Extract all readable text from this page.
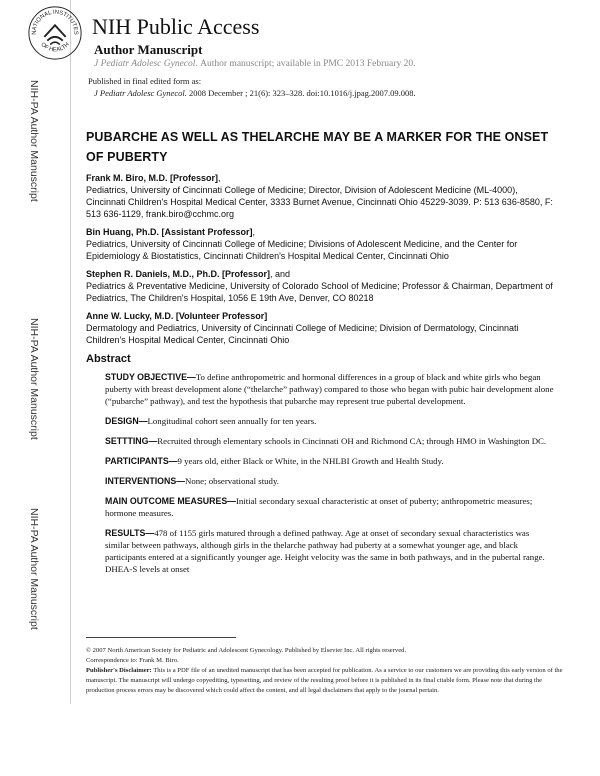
NIH-PA Author Manuscript
NIH-PA Author Manuscript
NIH-PA Author Manuscript
NATIONAL INSTITUTES
OF HEALTH
NIH Public Access
Author Manuscript
J Pediatr Adolesc Gynecol. Author manuscript; available in PMC 2013 February 20.
Published in final edited form as:
J Pediatr Adolesc Gynecol. 2008 December ; 21(6): 323–328. doi:10.1016/j.jpag.2007.09.008.
PUBARCHE AS WELL AS THELARCHE MAY BE A MARKER FOR THE ONSET OF PUBERTY
Frank M. Biro, M.D. [Professor],
Pediatrics, University of Cincinnati College of Medicine; Director, Division of Adolescent Medicine (ML-4000), Cincinnati Children's Hospital Medical Center, 3333 Burnet Avenue, Cincinnati Ohio 45229-3039. P: 513 636-8580, F: 513 636-1129, frank.biro@cchmc.org
Bin Huang, Ph.D. [Assistant Professor],
Pediatrics, University of Cincinnati College of Medicine; Divisions of Adolescent Medicine, and the Center for Epidemiology & Biostatistics, Cincinnati Children's Hospital Medical Center, Cincinnati Ohio
Stephen R. Daniels, M.D., Ph.D. [Professor], and
Pediatrics & Preventative Medicine, University of Colorado School of Medicine; Professor & Chairman, Department of Pediatrics, The Children's Hospital, 1056 E 19th Ave, Denver, CO 80218
Anne W. Lucky, M.D. [Volunteer Professor]
Dermatology and Pediatrics, University of Cincinnati College of Medicine; Division of Dermatology, Cincinnati Children's Hospital Medical Center, Cincinnati Ohio
Abstract
STUDY OBJECTIVE—To define anthropometric and hormonal differences in a group of black and white girls who began puberty with breast development alone (“thelarche” pathway) compared to those who began with pubic hair development alone (“pubarche” pathway), and test the hypothesis that pubarche may represent true pubertal development.
DESIGN—Longitudinal cohort seen annually for ten years.
SETTTING—Recruited through elementary schools in Cincinnati OH and Richmond CA; through HMO in Washington DC.
PARTICIPANTS—9 years old, either Black or White, in the NHLBI Growth and Health Study.
INTERVENTIONS—None; observational study.
MAIN OUTCOME MEASURES—Initial secondary sexual characteristic at onset of puberty; anthropometric measures; hormone measures.
RESULTS—478 of 1155 girls matured through a defined pathway. Age at onset of secondary sexual characteristics was similar between pathways, although girls in the thelarche pathway had puberty at a somewhat younger age, and black participants entered at a significantly younger age. Height velocity was the same in both pathways, and in the pubertal range. DHEA-S levels at onset
© 2007 North American Society for Pediatric and Adolescent Gynecology. Published by Elsevier Inc. All rights reserved.
Correspondence to: Frank M. Biro.
Publisher's Disclaimer: This is a PDF file of an unedited manuscript that has been accepted for publication. As a service to our customers we are providing this early version of the manuscript. The manuscript will undergo copyediting, typesetting, and review of the resulting proof before it is published in its final citable form. Please note that during the production process errors may be discovered which could affect the content, and all legal disclaimers that apply to the journal pertain.
